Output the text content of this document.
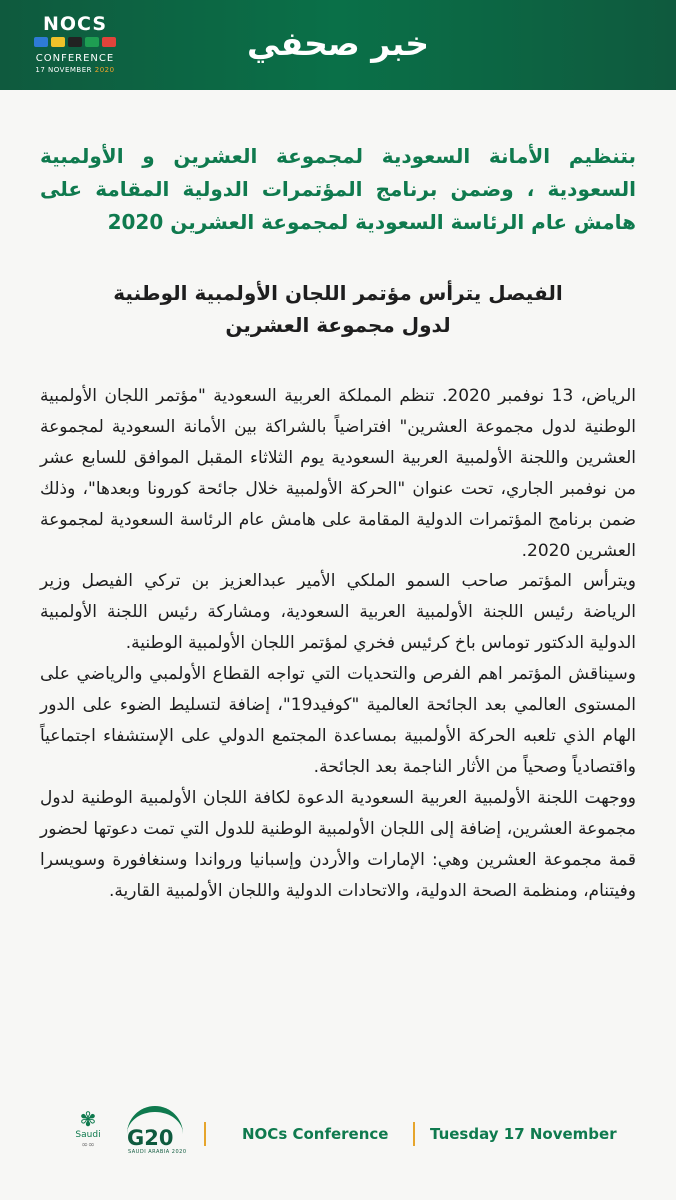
NOCS
CONFERENCE
17 NOVEMBER 2020
خبر صحفي

بتنظيم الأمانة السعودية لمجموعة العشرين و الأولمبية السعودية ، وضمن برنامج المؤتمرات الدولية المقامة على هامش عام الرئاسة السعودية لمجموعة العشرين 2020

الفيصل يترأس مؤتمر اللجان الأولمبية الوطنية
لدول مجموعة العشرين

الرياض، 13 نوفمبر 2020. تنظم المملكة العربية السعودية "مؤتمر اللجان الأولمبية الوطنية لدول مجموعة العشرين" افتراضياً بالشراكة بين الأمانة السعودية لمجموعة العشرين واللجنة الأولمبية العربية السعودية يوم الثلاثاء المقبل الموافق للسابع عشر من نوفمبر الجاري، تحت عنوان "الحركة الأولمبية خلال جائحة كورونا وبعدها"، وذلك ضمن برنامج المؤتمرات الدولية المقامة على هامش عام الرئاسة السعودية لمجموعة العشرين 2020.

ويترأس المؤتمر صاحب السمو الملكي الأمير عبدالعزيز بن تركي الفيصل وزير الرياضة رئيس اللجنة الأولمبية العربية السعودية، ومشاركة رئيس اللجنة الأولمبية الدولية الدكتور توماس باخ كرئيس فخري لمؤتمر اللجان الأولمبية الوطنية.

وسيناقش المؤتمر اهم الفرص والتحديات التي تواجه القطاع الأولمبي والرياضي على المستوى العالمي بعد الجائحة العالمية "كوفيد19"، إضافة لتسليط الضوء على الدور الهام الذي تلعبه الحركة الأولمبية بمساعدة المجتمع الدولي على الإستشفاء اجتماعياً واقتصادياً وصحياً من الأثار الناجمة بعد الجائحة.

ووجهت اللجنة الأولمبية العربية السعودية الدعوة لكافة اللجان الأولمبية الوطنية لدول مجموعة العشرين، إضافة إلى اللجان الأولمبية الوطنية للدول التي تمت دعوتها لحضور قمة مجموعة العشرين وهي: الإمارات والأردن وإسبانيا ورواندا وسنغافورة وسويسرا وفيتنام، ومنظمة الصحة الدولية، والاتحادات الدولية واللجان الأولمبية القارية.

✾
Saudi
∞∞	G20
SAUDI ARABIA 2020
NOCs Conference	Tuesday 17 November
